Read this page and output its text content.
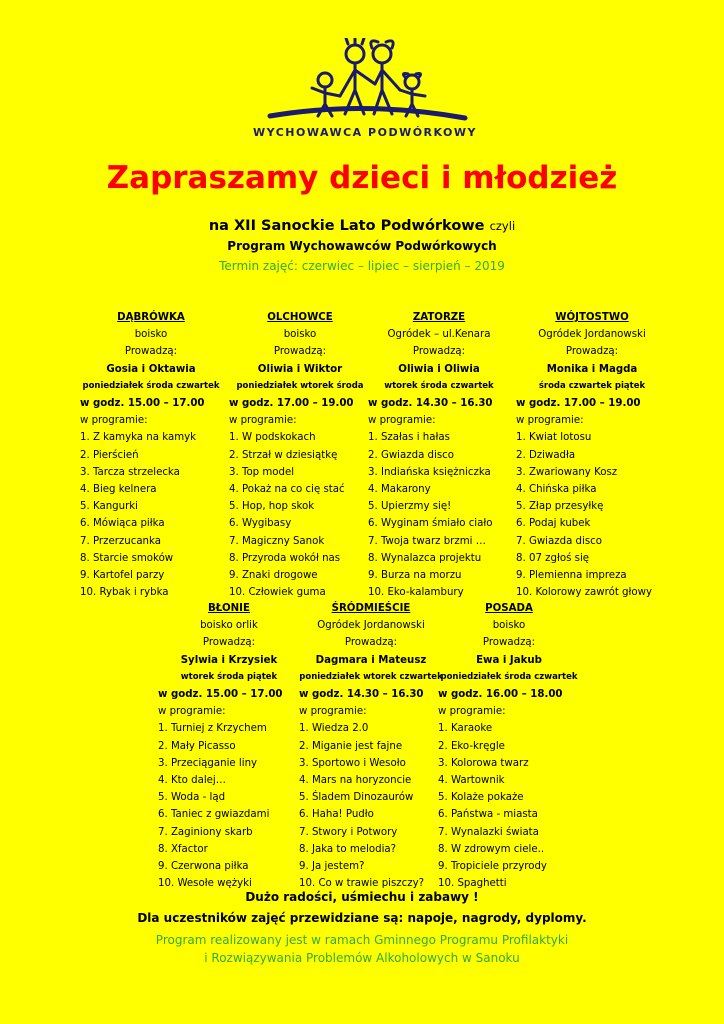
WYCHOWAWCA PODWÓRKOWY
Zapraszamy dzieci i młodzież
na XII Sanockie Lato Podwórkowe czyli
Program Wychowawców Podwórkowych
Termin zajęć: czerwiec – lipiec – sierpień – 2019
DĄBRÓWKA
boisko
Prowadzą:
Gosia i Oktawia
poniedziałek środa czwartek
w godz. 15.00 – 17.00
w programie:
1. Z kamyka na kamyk
2. Pierścień
3. Tarcza strzelecka
4. Bieg kelnera
5. Kangurki
6. Mówiąca piłka
7. Przerzucanka
8. Starcie smoków
9. Kartofel parzy
10. Rybak i rybka
OLCHOWCE
boisko
Prowadzą:
Oliwia i Wiktor
poniedziałek wtorek środa
w godz. 17.00 – 19.00
w programie:
1. W podskokach
2. Strzał w dziesiątkę
3. Top model
4. Pokaż na co cię stać
5. Hop, hop skok
6. Wygibasy
7. Magiczny Sanok
8. Przyroda wokół nas
9. Znaki drogowe
10. Człowiek guma
ZATORZE
Ogródek – ul.Kenara
Prowadzą:
Oliwia i Oliwia
wtorek środa czwartek
w godz. 14.30 – 16.30
w programie:
1. Szałas i hałas
2. Gwiazda disco
3. Indiańska księżniczka
4. Makarony
5. Upierzmy się!
6. Wyginam śmiało ciało
7. Twoja twarz brzmi …
8. Wynalazca projektu
9. Burza na morzu
10. Eko-kalambury
WÓJTOSTWO
Ogródek Jordanowski
Prowadzą:
Monika i Magda
środa czwartek piątek
w godz. 17.00 – 19.00
w programie:
1. Kwiat lotosu
2. Dziwadła
3. Zwariowany Kosz
4. Chińska piłka
5. Złap przesyłkę
6. Podaj kubek
7. Gwiazda disco
8. 07 zgłoś się
9. Plemienna impreza
10. Kolorowy zawrót głowy
BŁONIE
boisko orlik
Prowadzą:
Sylwia i Krzysiek
wtorek środa piątek
w godz. 15.00 – 17.00
w programie:
1. Turniej z Krzychem
2. Mały Picasso
3. Przeciąganie liny
4. Kto dalej…
5. Woda - ląd
6. Taniec z gwiazdami
7. Zaginiony skarb
8. Xfactor
9. Czerwona piłka
10. Wesołe wężyki
ŚRÓDMIEŚCIE
Ogródek Jordanowski
Prowadzą:
Dagmara i Mateusz
poniedziałek wtorek czwartek
w godz. 14.30 – 16.30
w programie:
1. Wiedza 2.0
2. Miganie jest fajne
3. Sportowo i Wesoło
4. Mars na horyzoncie
5. Śladem Dinozaurów
6. Haha! Pudło
7. Stwory i Potwory
8. Jaka to melodia?
9. Ja jestem?
10. Co w trawie piszczy?
POSADA
boisko
Prowadzą:
Ewa i Jakub
poniedziałek środa czwartek
w godz. 16.00 – 18.00
w programie:
1. Karaoke
2. Eko-kręgle
3. Kolorowa twarz
4. Wartownik
5. Kolaże pokaże
6. Państwa - miasta
7. Wynalazki świata
8. W zdrowym ciele..
9. Tropiciele przyrody
10. Spaghetti
Dużo radości, uśmiechu i zabawy !
Dla uczestników zajęć przewidziane są: napoje, nagrody, dyplomy.
Program realizowany jest w ramach Gminnego Programu Profilaktyki
i Rozwiązywania Problemów Alkoholowych w Sanoku
